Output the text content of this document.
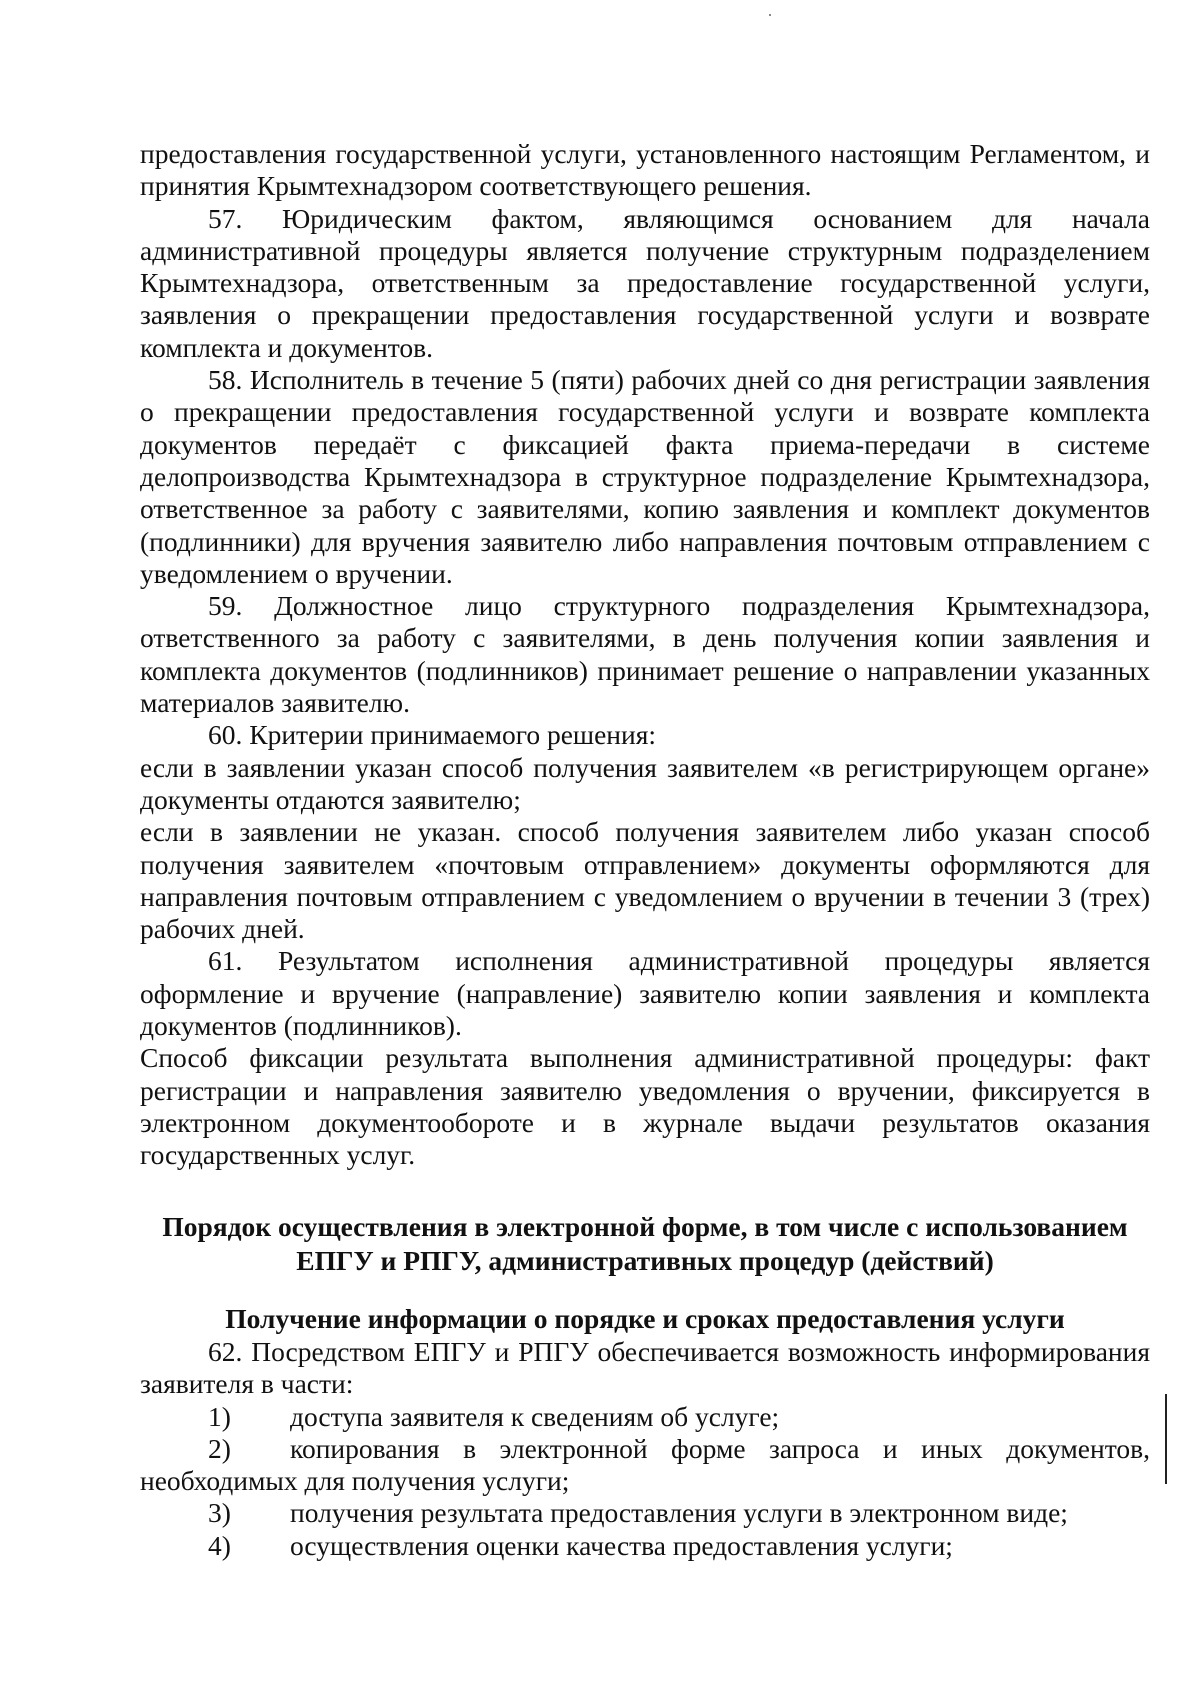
предоставления государственной услуги, установленного настоящим Регламентом, и принятия Крымтехнадзором соответствующего решения.

57. Юридическим фактом, являющимся основанием для начала административной процедуры является получение структурным подразделением Крымтехнадзора, ответственным за предоставление государственной услуги, заявления о прекращении предоставления государственной услуги и возврате комплекта и документов.

58. Исполнитель в течение 5 (пяти) рабочих дней со дня регистрации заявления о прекращении предоставления государственной услуги и возврате комплекта документов передаёт с фиксацией факта приема-передачи в системе делопроизводства Крымтехнадзора в структурное подразделение Крымтехнадзора, ответственное за работу с заявителями, копию заявления и комплект документов (подлинники) для вручения заявителю либо направления почтовым отправлением с уведомлением о вручении.

59. Должностное лицо структурного подразделения Крымтехнадзора, ответственного за работу с заявителями, в день получения копии заявления и комплекта документов (подлинников) принимает решение о направлении указанных материалов заявителю.

60. Критерии принимаемого решения:

если в заявлении указан способ получения заявителем «в регистрирующем органе» документы отдаются заявителю;

если в заявлении не указан. способ получения заявителем либо указан способ получения заявителем «почтовым отправлением» документы оформляются для направления почтовым отправлением с уведомлением о вручении в течении 3 (трех) рабочих дней.

61. Результатом исполнения административной процедуры является оформление и вручение (направление) заявителю копии заявления и комплекта документов (подлинников).

Способ фиксации результата выполнения административной процедуры: факт регистрации и направления заявителю уведомления о вручении, фиксируется в электронном документообороте и в журнале выдачи результатов оказания государственных услуг.

Порядок осуществления в электронной форме, в том числе с использованием ЕПГУ и РПГУ, административных процедур (действий)
Получение информации о порядке и сроках предоставления услуги

62. Посредством ЕПГУ и РПГУ обеспечивается возможность информирования заявителя в части:

1)	доступа заявителя к сведениям об услуге;
2) копирования в электронной форме запроса и иных документов, необходимых для получения услуги;
3)	получения результата предоставления услуги в электронном виде;
4)	осуществления оценки качества предоставления услуги;
